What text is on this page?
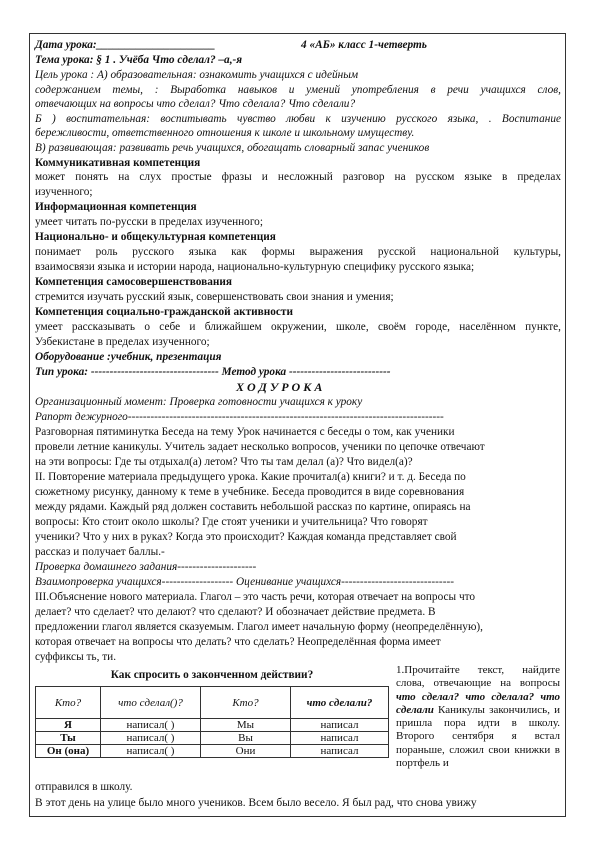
Дата урока:_____________________	4 «АБ» класс 1-четверть
Тема урока: § 1 . Учёба Что сделал? –а,-я
Цель урока : А) образовательная: ознакомить учащихся с идейным
содержанием темы, : Выработка навыков и умений употребления в речи учащихся слов,
отвечающих на вопросы что сделал? Что сделала? Что сделали?
Б ) воспитательная: воспитывать чувство любви к изучению русского языка, . Воспитание
бережливости, ответственного отношения к школе и школьному имуществу.
В) развивающая: развивать речь учащихся, обогащать словарный запас учеников
Коммуникативная компетенция
может понять на слух простые фразы и несложный разговор на русском языке в пределах
изученного;
Информационная компетенция
умеет читать по-русски в пределах изученного;
Национально- и общекультурная компетенция
понимает роль русского языка как формы выражения русской национальной культуры,
взаимосвязи языка и истории народа, национально-культурную специфику русского языка;
Компетенция самосовершенствования
стремится изучать русский язык, совершенствовать свои знания и умения;
Компетенция социально-гражданской активности
умеет рассказывать о себе и ближайшем окружении, школе, своём городе, населённом пункте,
Узбекистане в пределах изученного;
Оборудование :учебник, презентация
Тип урока: ---------------------------------- Метод урока ---------------------------
Х О Д У Р О К А
Организационный момент: Проверка готовности учащихся к уроку
Рапорт дежурного------------------------------------------------------------------------------------
Разговорная пятиминутка Беседа на тему Урок начинается с беседы о том, как ученики
провели летние каникулы. Учитель задает несколько вопросов, ученики по цепочке отвечают
на эти вопросы: Где ты отдыхал(а) летом? Что ты там делал (а)? Что видел(а)?
II. Повторение материала предыдущего урока. Какие прочитал(а) книги? и т. д. Беседа по
сюжетному рисунку, данному к теме в учебнике. Беседа проводится в виде соревнования
между рядами. Каждый ряд должен составить небольшой рассказ по картине, опираясь на
вопросы: Кто стоит около школы? Где стоят ученики и учительница? Что говорят
ученики? Что у них в руках? Когда это происходит? Каждая команда представляет свой
рассказ и получает баллы.-
Проверка домашнего задания---------------------
Взаимопроверка учащихся------------------- Оценивание учащихся------------------------------
III.Объяснение нового материала. Глагол – это часть речи, которая отвечает на вопросы что
делает? что сделает? что делают? что сделают? И обозначает действие предмета. В
предложении глагол является сказуемым. Глагол имеет начальную форму (неопределённую),
которая отвечает на вопросы что делать? что сделать? Неопределённая форма имеет
суффиксы ть, ти.
Как спросить о законченном действии?
Кто?	что сделал()?	Кто?	что сделали?
Я	написал( )	Мы	написал
Ты	написал( )	Вы	написал
Он (она)	написал( )	Они	написал
1.Прочитайте текст, найдите слова, отвечающие на вопросы что сделал? что сделала? что сделали Каникулы закончились, и пришла пора идти в школу. Второго сентября я встал пораньше, сложил свои книжки в портфель и
отправился в школу.
В этот день на улице было много учеников. Всем было весело. Я был рад, что снова увижу
